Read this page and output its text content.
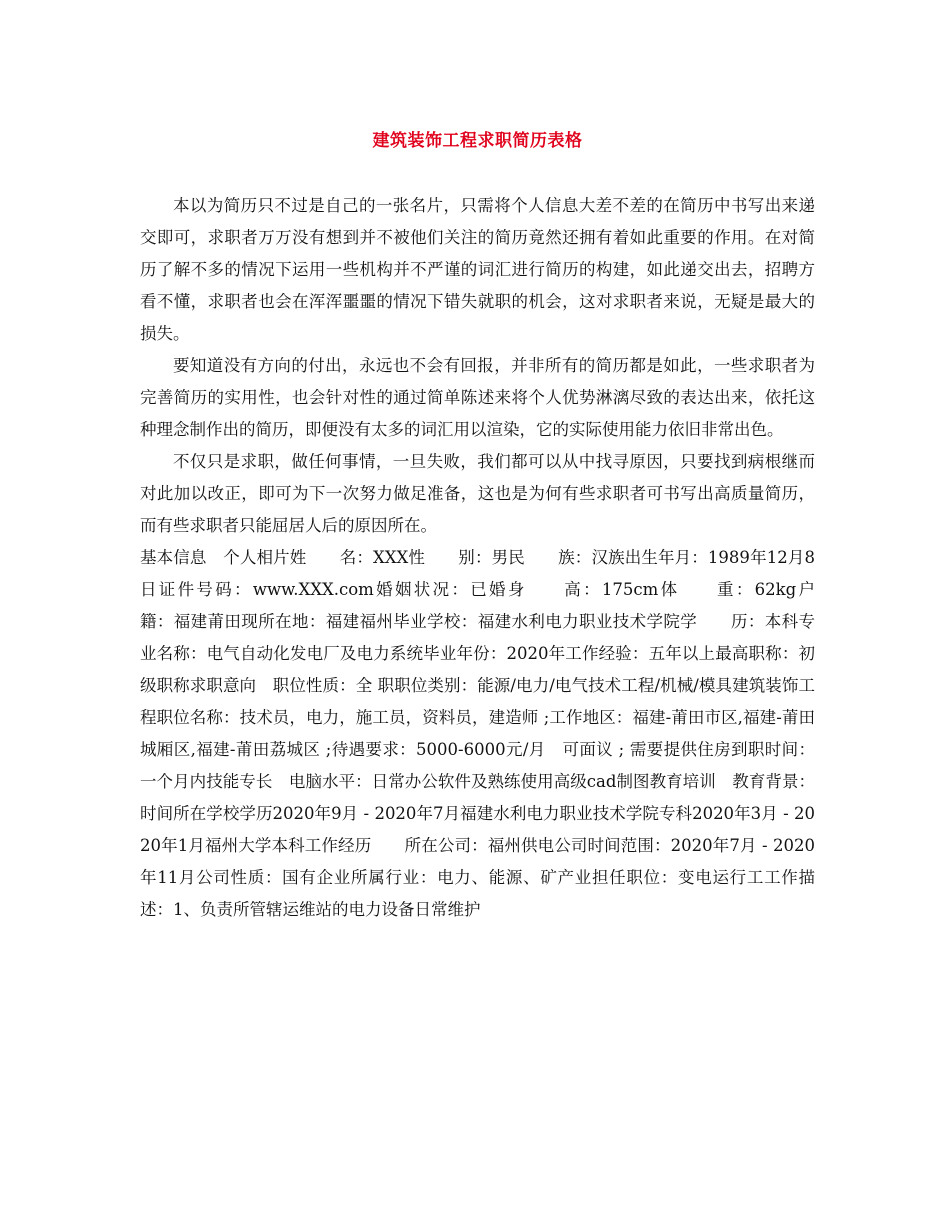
建筑装饰工程求职简历表格

本以为简历只不过是自己的一张名片，只需将个人信息大差不差的在简历中书写出来递交即可，求职者万万没有想到并不被他们关注的简历竟然还拥有着如此重要的作用。在对简历了解不多的情况下运用一些机构并不严谨的词汇进行简历的构建，如此递交出去，招聘方看不懂，求职者也会在浑浑噩噩的情况下错失就职的机会，这对求职者来说，无疑是最大的损失。

要知道没有方向的付出，永远也不会有回报，并非所有的简历都是如此，一些求职者为完善简历的实用性，也会针对性的通过简单陈述来将个人优势淋漓尽致的表达出来，依托这种理念制作出的简历，即便没有太多的词汇用以渲染，它的实际使用能力依旧非常出色。

不仅只是求职，做任何事情，一旦失败，我们都可以从中找寻原因，只要找到病根继而对此加以改正，即可为下一次努力做足准备，这也是为何有些求职者可书写出高质量简历，而有些求职者只能屈居人后的原因所在。

基本信息　个人相片姓　　名：XXX性　　别：男民　　族：汉族出生年月：1989年12月8日证件号码：www.XXX.com婚姻状况：已婚身　　高：175cm体　　重：62kg户　　籍：福建莆田现所在地：福建福州毕业学校：福建水利电力职业技术学院学　　历：本科专业名称：电气自动化发电厂及电力系统毕业年份：2020年工作经验：五年以上最高职称：初级职称求职意向　职位性质：全 职职位类别：能源/电力/电气技术工程/机械/模具建筑装饰工程职位名称：技术员，电力，施工员，资料员，建造师 ;工作地区：福建-莆田市区,福建-莆田城厢区,福建-莆田荔城区 ;待遇要求：5000-6000元/月　可面议 ; 需要提供住房到职时间：一个月内技能专长　电脑水平：日常办公软件及熟练使用高级cad制图教育培训　教育背景：时间所在学校学历2020年9月 - 2020年7月福建水利电力职业技术学院专科2020年3月 - 2020年1月福州大学本科工作经历　　所在公司：福州供电公司时间范围：2020年7月 - 2020年11月公司性质：国有企业所属行业：电力、能源、矿产业担任职位：变电运行工工作描述：1、负责所管辖运维站的电力设备日常维护
